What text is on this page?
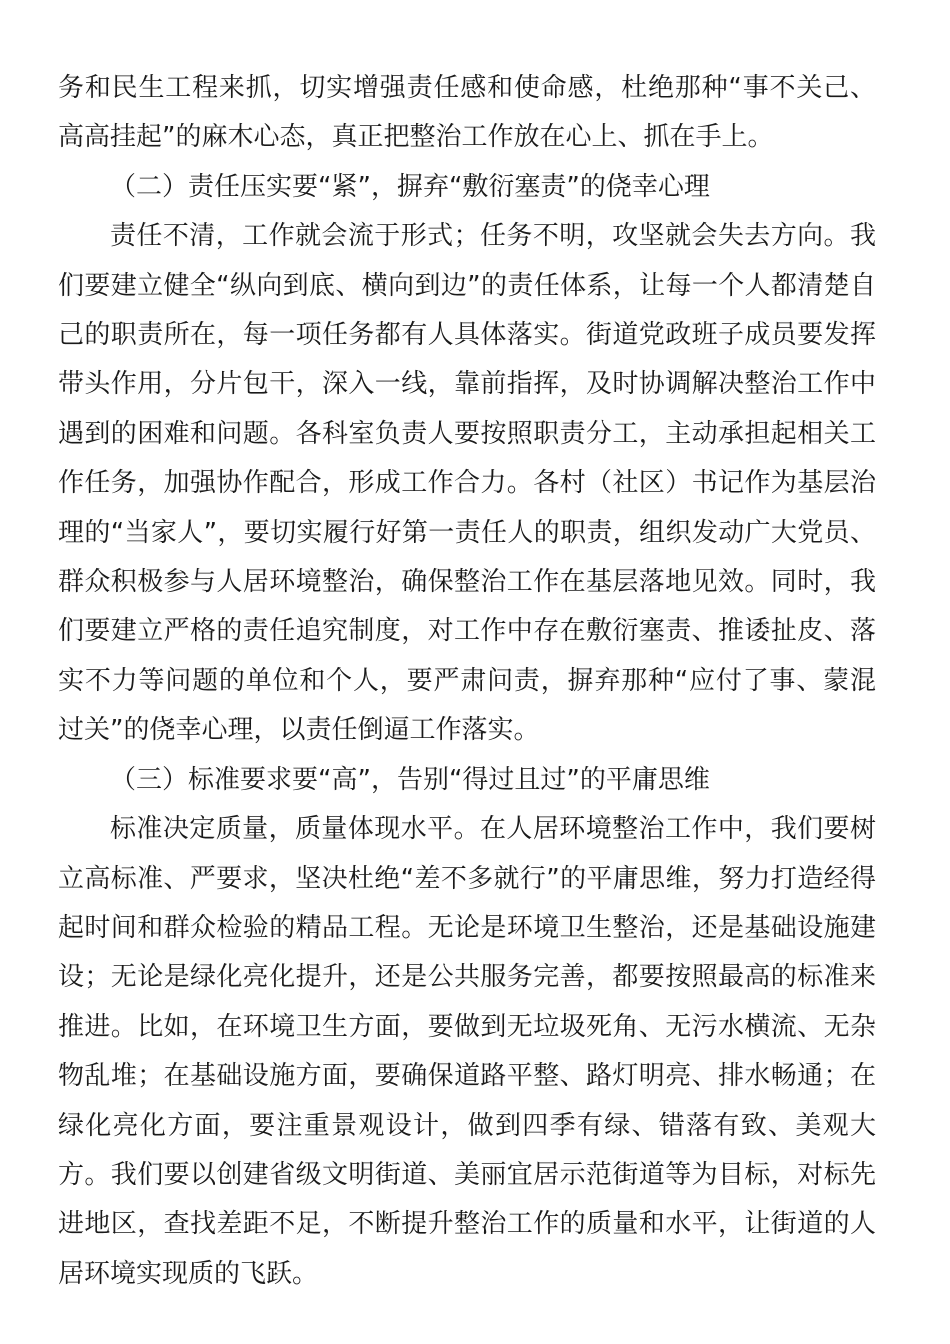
务和民生工程来抓，切实增强责任感和使命感，杜绝那种“事不关己、高高挂起”的麻木心态，真正把整治工作放在心上、抓在手上。

（二）责任压实要“紧”，摒弃“敷衍塞责”的侥幸心理

责任不清，工作就会流于形式；任务不明，攻坚就会失去方向。我们要建立健全“纵向到底、横向到边”的责任体系，让每一个人都清楚自己的职责所在，每一项任务都有人具体落实。街道党政班子成员要发挥带头作用，分片包干，深入一线，靠前指挥，及时协调解决整治工作中遇到的困难和问题。各科室负责人要按照职责分工，主动承担起相关工作任务，加强协作配合，形成工作合力。各村（社区）书记作为基层治理的“当家人”，要切实履行好第一责任人的职责，组织发动广大党员、群众积极参与人居环境整治，确保整治工作在基层落地见效。同时，我们要建立严格的责任追究制度，对工作中存在敷衍塞责、推诿扯皮、落实不力等问题的单位和个人，要严肃问责，摒弃那种“应付了事、蒙混过关”的侥幸心理，以责任倒逼工作落实。

（三）标准要求要“高”，告别“得过且过”的平庸思维

标准决定质量，质量体现水平。在人居环境整治工作中，我们要树立高标准、严要求，坚决杜绝“差不多就行”的平庸思维，努力打造经得起时间和群众检验的精品工程。无论是环境卫生整治，还是基础设施建设；无论是绿化亮化提升，还是公共服务完善，都要按照最高的标准来推进。比如，在环境卫生方面，要做到无垃圾死角、无污水横流、无杂物乱堆；在基础设施方面，要确保道路平整、路灯明亮、排水畅通；在绿化亮化方面，要注重景观设计，做到四季有绿、错落有致、美观大方。我们要以创建省级文明街道、美丽宜居示范街道等为目标，对标先进地区，查找差距不足，不断提升整治工作的质量和水平，让街道的人居环境实现质的飞跃。
